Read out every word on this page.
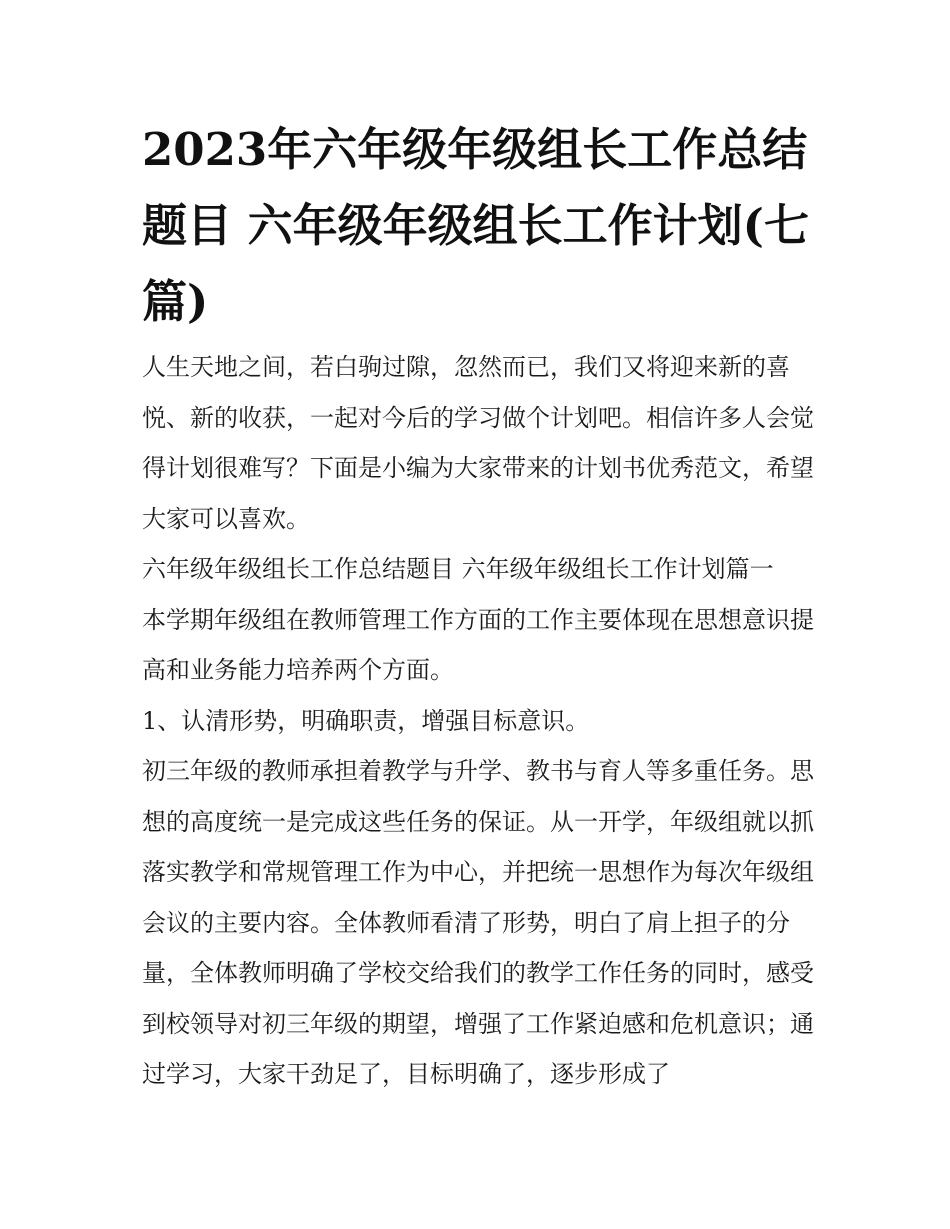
2023年六年级年级组长工作总结题目 六年级年级组长工作计划(七篇)

人生天地之间，若白驹过隙，忽然而已，我们又将迎来新的喜悦、新的收获，一起对今后的学习做个计划吧。相信许多人会觉得计划很难写？下面是小编为大家带来的计划书优秀范文，希望大家可以喜欢。

六年级年级组长工作总结题目 六年级年级组长工作计划篇一

本学期年级组在教师管理工作方面的工作主要体现在思想意识提高和业务能力培养两个方面。

1、认清形势，明确职责，增强目标意识。

初三年级的教师承担着教学与升学、教书与育人等多重任务。思想的高度统一是完成这些任务的保证。从一开学，年级组就以抓落实教学和常规管理工作为中心，并把统一思想作为每次年级组会议的主要内容。全体教师看清了形势，明白了肩上担子的分量，全体教师明确了学校交给我们的教学工作任务的同时，感受到校领导对初三年级的期望，增强了工作紧迫感和危机意识；通过学习，大家干劲足了，目标明确了，逐步形成了
